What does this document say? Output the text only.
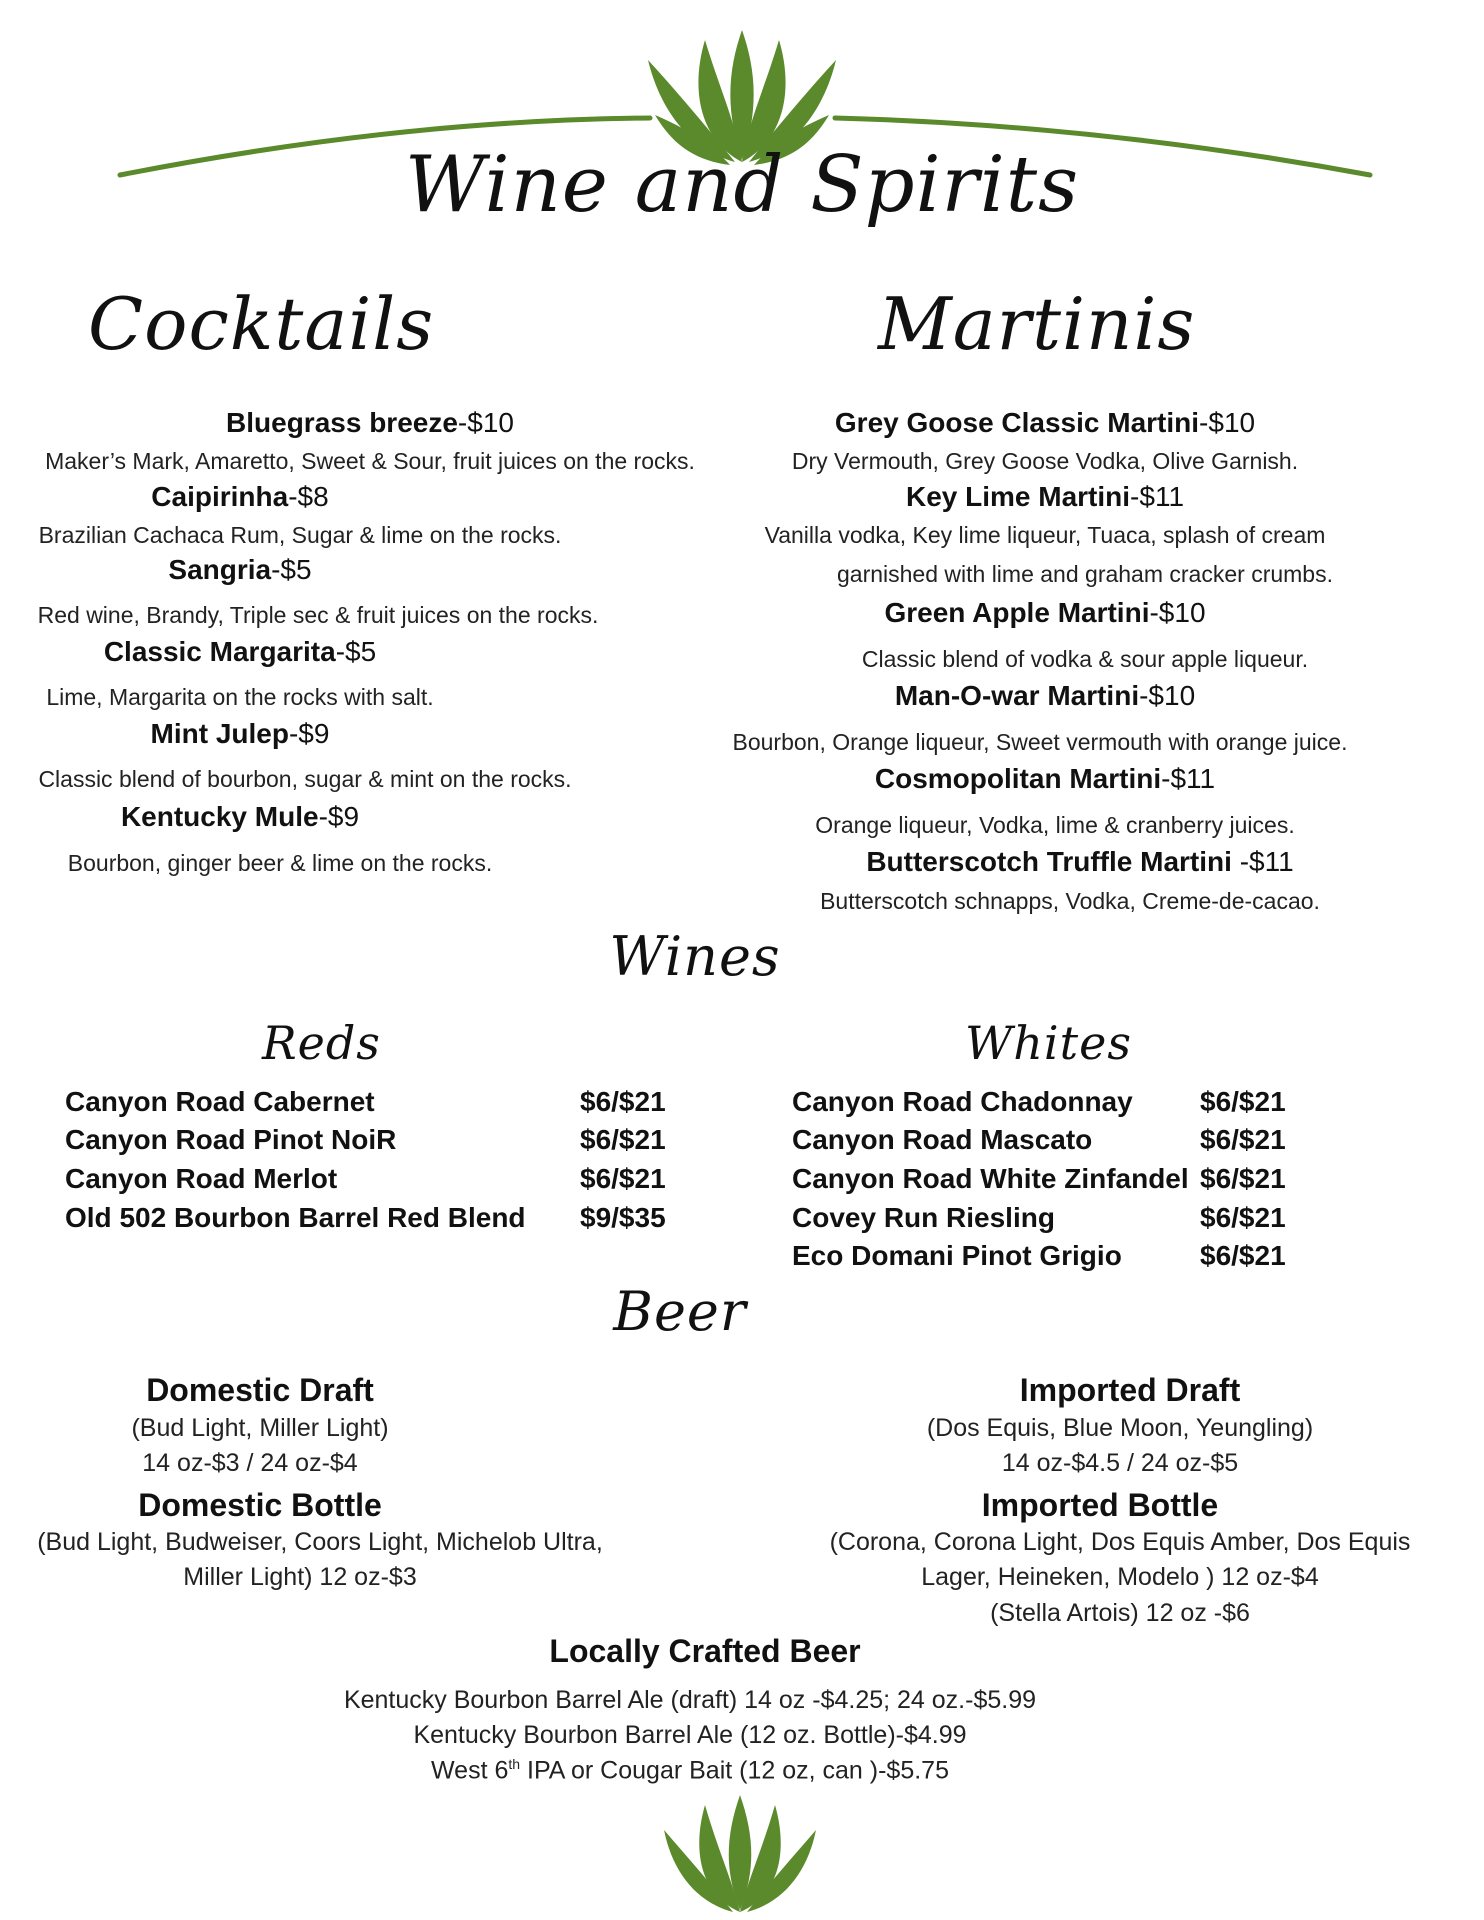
Wine and Spirits
Cocktails	Martinis
Bluegrass breeze-$10
Maker’s Mark, Amaretto, Sweet & Sour, fruit juices on the rocks.
Caipirinha-$8
Brazilian Cachaca Rum, Sugar & lime on the rocks.
Sangria-$5
Red wine, Brandy, Triple sec & fruit juices on the rocks.
Classic Margarita-$5
Lime, Margarita on the rocks with salt.
Mint Julep-$9
Classic blend of bourbon, sugar & mint on the rocks.
Kentucky Mule-$9
Bourbon, ginger beer & lime on the rocks.
Grey Goose Classic Martini-$10
Dry Vermouth, Grey Goose Vodka, Olive Garnish.
Key Lime Martini-$11
Vanilla vodka, Key lime liqueur, Tuaca, splash of cream
garnished with lime and graham cracker crumbs.
Green Apple Martini-$10
Classic blend of vodka & sour apple liqueur.
Man-O-war Martini-$10
Bourbon, Orange liqueur, Sweet vermouth with orange juice.
Cosmopolitan Martini-$11
Orange liqueur, Vodka, lime & cranberry juices.
Butterscotch Truffle Martini -$11
Butterscotch schnapps, Vodka, Creme-de-cacao.
Wines
Reds	Whites
Canyon Road Cabernet	$6/$21
Canyon Road Pinot NoiR	$6/$21
Canyon Road Merlot	$6/$21
Old 502 Bourbon Barrel Red Blend $9/$35
Canyon Road Chadonnay $6/$21
Canyon Road Mascato	$6/$21
Canyon Road White Zinfandel $6/$21
Covey Run Riesling	$6/$21
Eco Domani Pinot Grigio	$6/$21
Beer
Domestic Draft
(Bud Light, Miller Light)
14 oz-$3 / 24 oz-$4
Domestic Bottle
(Bud Light, Budweiser, Coors Light, Michelob Ultra,
Miller Light) 12 oz-$3
Imported Draft
(Dos Equis, Blue Moon, Yeungling)
14 oz-$4.5 / 24 oz-$5
Imported Bottle
(Corona, Corona Light, Dos Equis Amber, Dos Equis
Lager, Heineken, Modelo ) 12 oz-$4
(Stella Artois) 12 oz -$6
Locally Crafted Beer
Kentucky Bourbon Barrel Ale (draft) 14 oz -$4.25; 24 oz.-$5.99
Kentucky Bourbon Barrel Ale (12 oz. Bottle)-$4.99
West 6th IPA or Cougar Bait (12 oz, can )-$5.75
